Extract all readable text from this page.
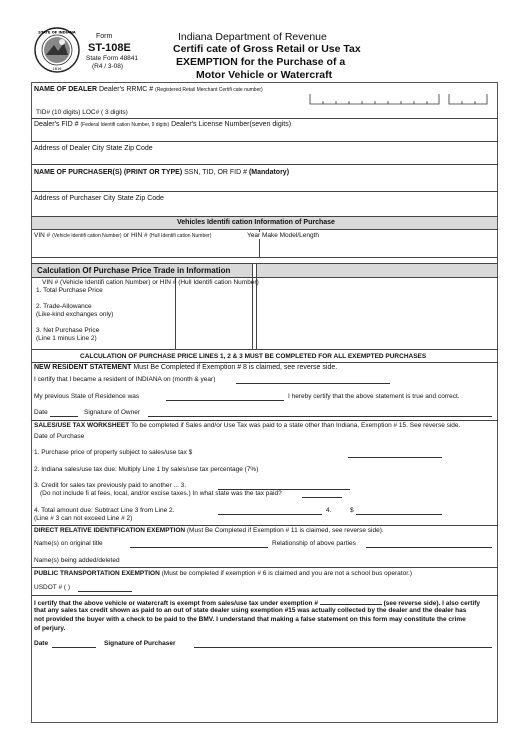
STATE OF INDIANA
1816
Form
ST-108E
State Form 48841
(R4 / 3-08)
Indiana Department of Revenue
Certifi cate of Gross Retail or Use Tax
EXEMPTION for the Purchase of a
Motor Vehicle or Watercraft
NAME OF DEALER Dealer's RRMC # (Registered Retail Merchant Certifi cate number)
TID# (10 digits) LOC# ( 3 digits)
Dealer's FID # (Federal Identifi cation Number, 9 digits) Dealer's License Number(seven digits)
Address of Dealer City State Zip Code
NAME OF PURCHASER(S) (PRINT OR TYPE) SSN, TID, OR FID # (Mandatory)
Address of Purchaser City State Zip Code
Vehicles Identifi cation Information of Purchase
VIN # (Vehicle Identifi cation Number) or HIN # (Hull Identifi cation Number)	Year Make Model/Length
Calculation Of Purchase Price Trade in Information
VIN # (Vehicle Identifi cation Number) or HIN # (Hull Identifi cation Number)
1. Total Purchase Price
2. Trade-Allowance
(Like-kind exchanges only)
3. Net Purchase Price
(Line 1 minus Line 2)
CALCULATION OF PURCHASE PRICE LINES 1, 2 & 3 MUST BE COMPLETED FOR ALL EXEMPTED PURCHASES
NEW RESIDENT STATEMENT Must Be Completed if Exemption # 8 is claimed, see reverse side.
I certify that I became a resident of INDIANA on (month & year)
My previous State of Residence was	I hereby certify that the above statement is true and correct.
Date	Signature of Owner
SALES/USE TAX WORKSHEET To be completed if Sales and/or Use Tax was paid to a state other than Indiana, Exemption # 15. See reverse side.
Date of Purchase
1. Purchase price of property subject to sales/use tax $
2. Indiana sales/use tax due: Multiply Line 1 by sales/use tax percentage (7%)
3. Credit for sales tax previously paid to another ... 3.
(Do not include fi at fees, local, and/or excise taxes.) In what state was the tax paid?
4. Total amount due: Subtract Line 3 from Line 2.	4.	$
(Line # 3 can not exceed Line # 2)
DIRECT RELATIVE IDENTIFICATION EXEMPTION (Must Be Completed if Exemption # 11 is claimed, see reverse side).
Name(s) on original title	Relationship of above parties
Name(s) being added/deleted
PUBLIC TRANSPORTATION EXEMPTION (Must be completed if exemption # 6 is claimed and you are not a school bus operator.)
USDOT # ( )
I certify that the above vehicle or watercraft is exempt from sales/use tax under exemption #	(see reverse side). I also certify
that any sales tax credit shown as paid to an out of state dealer using exemption #15 was actually collected by the dealer and the dealer has
not provided the buyer with a check to be paid to the BMV. I understand that making a false statement on this form may constitute the crime
of perjury.
Date	Signature of Purchaser
